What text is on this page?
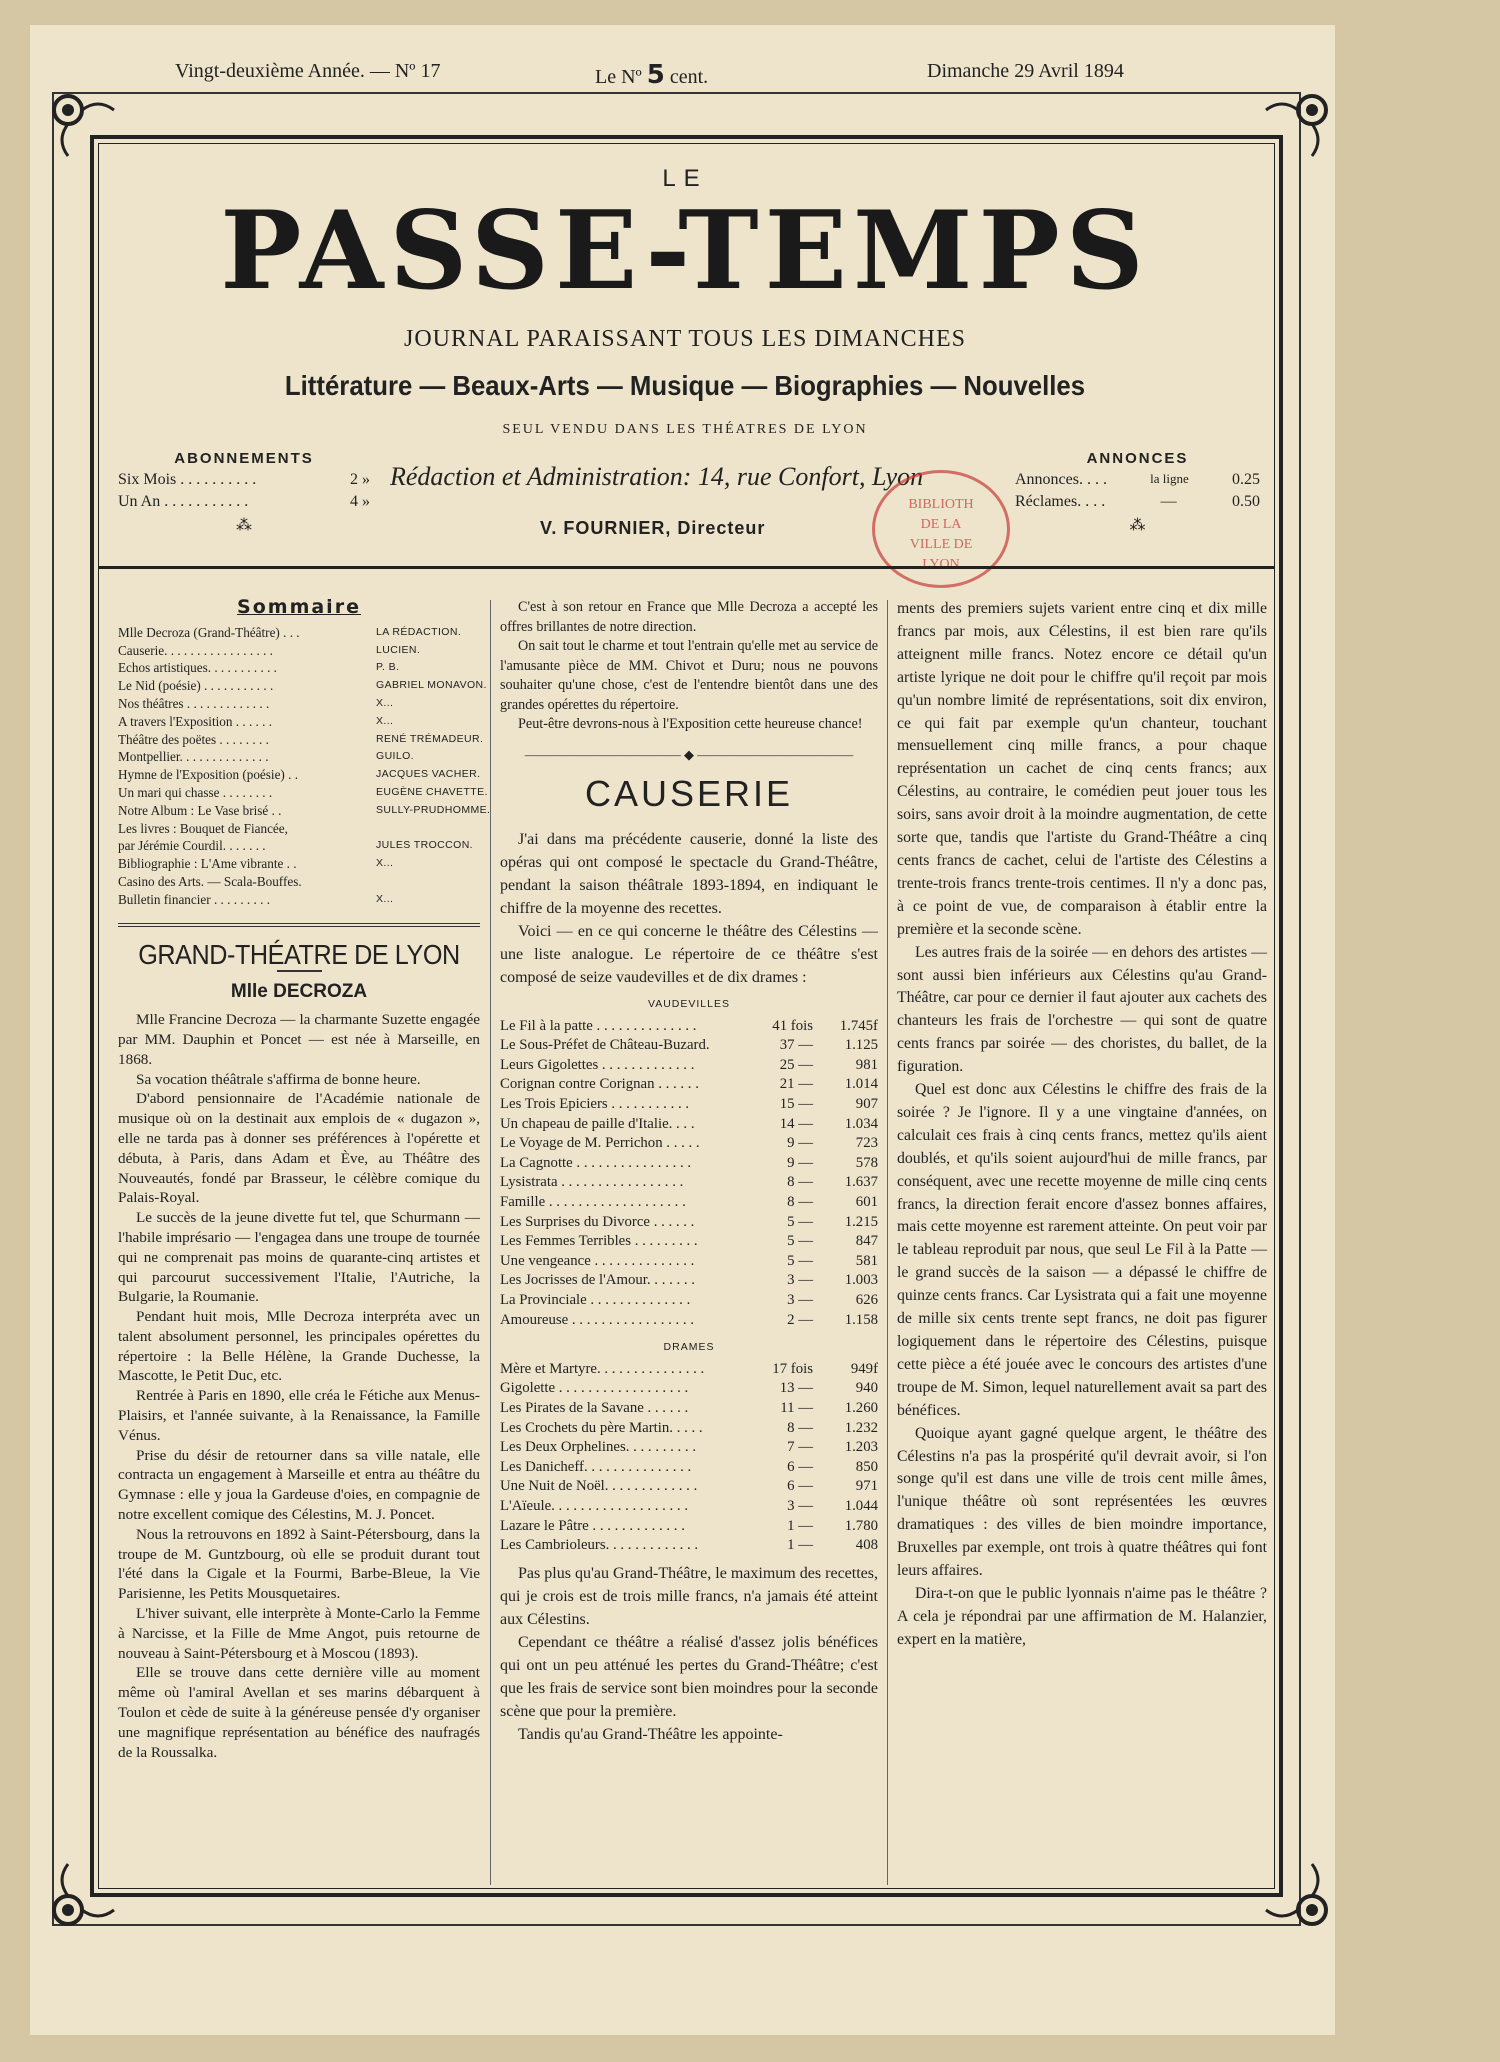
Vingt-deuxième Année. — Nº 17	Le Nº 5 cent.	Dimanche 29 Avril 1894
LE
PASSE-TEMPS
JOURNAL PARAISSANT TOUS LES DIMANCHES
Littérature — Beaux-Arts — Musique — Biographies — Nouvelles
SEUL VENDU DANS LES THÉATRES DE LYON
ABONNEMENTS
Six Mois . . . . . . . . . .	2 »
Un An . . . . . . . . . . .	4 »
⁂
Rédaction et Administration: 14, rue Confort, Lyon
V. FOURNIER, Directeur
BIBLIOTH
DE LA
VILLE DE
LYON
ANNONCES
Annonces. . . .	la ligne	0.25
Réclames. . . .	—	0.50
⁂
Sommaire
Mlle Decroza (Grand-Théâtre) . . .	LA RÉDACTION.
Causerie. . . . . . . . . . . . . . . . .	LUCIEN.
Echos artistiques. . . . . . . . . . .	P. B.
Le Nid (poésie) . . . . . . . . . . .	GABRIEL MONAVON.
Nos théâtres . . . . . . . . . . . . .	X...
A travers l'Exposition . . . . . .	X...
Théâtre des poëtes . . . . . . . .	RENÉ TRÉMADEUR.
Montpellier. . . . . . . . . . . . . .	GUILO.
Hymne de l'Exposition (poésie) . .	JACQUES VACHER.
Un mari qui chasse . . . . . . . .	EUGÈNE CHAVETTE.
Notre Album : Le Vase brisé . .	SULLY-PRUDHOMME.
Les livres : Bouquet de Fiancée,
par Jérémie Courdil. . . . . . .	JULES TROCCON.
Bibliographie : L'Ame vibrante . .	X...
Casino des Arts. — Scala-Bouffes.
Bulletin financier . . . . . . . . .	X...
GRAND-THÉATRE DE LYON
Mlle DECROZA

Mlle Francine Decroza — la charmante Suzette engagée par MM. Dauphin et Poncet — est née à Marseille, en 1868.

Sa vocation théâtrale s'affirma de bonne heure.

D'abord pensionnaire de l'Académie nationale de musique où on la destinait aux emplois de « dugazon », elle ne tarda pas à donner ses préférences à l'opérette et débuta, à Paris, dans Adam et Ève, au Théâtre des Nouveautés, fondé par Brasseur, le célèbre comique du Palais-Royal.

Le succès de la jeune divette fut tel, que Schurmann — l'habile imprésario — l'engagea dans une troupe de tournée qui ne comprenait pas moins de quarante-cinq artistes et qui parcourut successivement l'Italie, l'Autriche, la Bulgarie, la Roumanie.

Pendant huit mois, Mlle Decroza interpréta avec un talent absolument personnel, les principales opérettes du répertoire : la Belle Hélène, la Grande Duchesse, la Mascotte, le Petit Duc, etc.

Rentrée à Paris en 1890, elle créa le Fétiche aux Menus-Plaisirs, et l'année suivante, à la Renaissance, la Famille Vénus.

Prise du désir de retourner dans sa ville natale, elle contracta un engagement à Marseille et entra au théâtre du Gymnase : elle y joua la Gardeuse d'oies, en compagnie de notre excellent comique des Célestins, M. J. Poncet.

Nous la retrouvons en 1892 à Saint-Pétersbourg, dans la troupe de M. Guntzbourg, où elle se produit durant tout l'été dans la Cigale et la Fourmi, Barbe-Bleue, la Vie Parisienne, les Petits Mousquetaires.

L'hiver suivant, elle interprète à Monte-Carlo la Femme à Narcisse, et la Fille de Mme Angot, puis retourne de nouveau à Saint-Pétersbourg et à Moscou (1893).

Elle se trouve dans cette dernière ville au moment même où l'amiral Avellan et ses marins débarquent à Toulon et cède de suite à la généreuse pensée d'y organiser une magnifique représentation au bénéfice des naufragés de la Roussalka.

C'est à son retour en France que Mlle Decroza a accepté les offres brillantes de notre direction.

On sait tout le charme et tout l'entrain qu'elle met au service de l'amusante pièce de MM. Chivot et Duru; nous ne pouvons souhaiter qu'une chose, c'est de l'entendre bientôt dans une des grandes opérettes du répertoire.

Peut-être devrons-nous à l'Exposition cette heureuse chance!

———————————— ◆ ————————————
CAUSERIE

J'ai dans ma précédente causerie, donné la liste des opéras qui ont composé le spectacle du Grand-Théâtre, pendant la saison théâtrale 1893-1894, en indiquant le chiffre de la moyenne des recettes.

Voici — en ce qui concerne le théâtre des Célestins — une liste analogue. Le répertoire de ce théâtre s'est composé de seize vaudevilles et de dix drames :

VAUDEVILLES
Le Fil à la patte . . . . . . . . . . . . . .	41 fois	1.745f
Le Sous-Préfet de Château-Buzard.	37 —	1.125
Leurs Gigolettes . . . . . . . . . . . . .	25 —	981
Corignan contre Corignan . . . . . .	21 —	1.014
Les Trois Epiciers . . . . . . . . . . .	15 —	907
Un chapeau de paille d'Italie. . . .	14 —	1.034
Le Voyage de M. Perrichon . . . . .	9 —	723
La Cagnotte . . . . . . . . . . . . . . . .	9 —	578
Lysistrata . . . . . . . . . . . . . . . . .	8 —	1.637
Famille . . . . . . . . . . . . . . . . . . .	8 —	601
Les Surprises du Divorce . . . . . .	5 —	1.215
Les Femmes Terribles . . . . . . . . .	5 —	847
Une vengeance . . . . . . . . . . . . . .	5 —	581
Les Jocrisses de l'Amour. . . . . . .	3 —	1.003
La Provinciale . . . . . . . . . . . . . .	3 —	626
Amoureuse . . . . . . . . . . . . . . . . .	2 —	1.158
DRAMES
Mère et Martyre. . . . . . . . . . . . . . .	17 fois	949f
Gigolette . . . . . . . . . . . . . . . . . .	13 —	940
Les Pirates de la Savane . . . . . .	11 —	1.260
Les Crochets du père Martin. . . . .	8 —	1.232
Les Deux Orphelines. . . . . . . . . .	7 —	1.203
Les Danicheff. . . . . . . . . . . . . . .	6 —	850
Une Nuit de Noël. . . . . . . . . . . . .	6 —	971
L'Aïeule. . . . . . . . . . . . . . . . . . .	3 —	1.044
Lazare le Pâtre . . . . . . . . . . . . .	1 —	1.780
Les Cambrioleurs. . . . . . . . . . . . .	1 —	408

Pas plus qu'au Grand-Théâtre, le maximum des recettes, qui je crois est de trois mille francs, n'a jamais été atteint aux Célestins.

Cependant ce théâtre a réalisé d'assez jolis bénéfices qui ont un peu atténué les pertes du Grand-Théâtre; c'est que les frais de service sont bien moindres pour la seconde scène que pour la première.

Tandis qu'au Grand-Théâtre les appointe-

ments des premiers sujets varient entre cinq et dix mille francs par mois, aux Célestins, il est bien rare qu'ils atteignent mille francs. Notez encore ce détail qu'un artiste lyrique ne doit pour le chiffre qu'il reçoit par mois qu'un nombre limité de représentations, soit dix environ, ce qui fait par exemple qu'un chanteur, touchant mensuellement cinq mille francs, a pour chaque représentation un cachet de cinq cents francs; aux Célestins, au contraire, le comédien peut jouer tous les soirs, sans avoir droit à la moindre augmentation, de cette sorte que, tandis que l'artiste du Grand-Théâtre a cinq cents francs de cachet, celui de l'artiste des Célestins a trente-trois francs trente-trois centimes. Il n'y a donc pas, à ce point de vue, de comparaison à établir entre la première et la seconde scène.

Les autres frais de la soirée — en dehors des artistes — sont aussi bien inférieurs aux Célestins qu'au Grand-Théâtre, car pour ce dernier il faut ajouter aux cachets des chanteurs les frais de l'orchestre — qui sont de quatre cents francs par soirée — des choristes, du ballet, de la figuration.

Quel est donc aux Célestins le chiffre des frais de la soirée ? Je l'ignore. Il y a une vingtaine d'années, on calculait ces frais à cinq cents francs, mettez qu'ils aient doublés, et qu'ils soient aujourd'hui de mille francs, par conséquent, avec une recette moyenne de mille cinq cents francs, la direction ferait encore d'assez bonnes affaires, mais cette moyenne est rarement atteinte. On peut voir par le tableau reproduit par nous, que seul Le Fil à la Patte — le grand succès de la saison — a dépassé le chiffre de quinze cents francs. Car Lysistrata qui a fait une moyenne de mille six cents trente sept francs, ne doit pas figurer logiquement dans le répertoire des Célestins, puisque cette pièce a été jouée avec le concours des artistes d'une troupe de M. Simon, lequel naturellement avait sa part des bénéfices.

Quoique ayant gagné quelque argent, le théâtre des Célestins n'a pas la prospérité qu'il devrait avoir, si l'on songe qu'il est dans une ville de trois cent mille âmes, l'unique théâtre où sont représentées les œuvres dramatiques : des villes de bien moindre importance, Bruxelles par exemple, ont trois à quatre théâtres qui font leurs affaires.

Dira-t-on que le public lyonnais n'aime pas le théâtre ? A cela je répondrai par une affirmation de M. Halanzier, expert en la matière,
